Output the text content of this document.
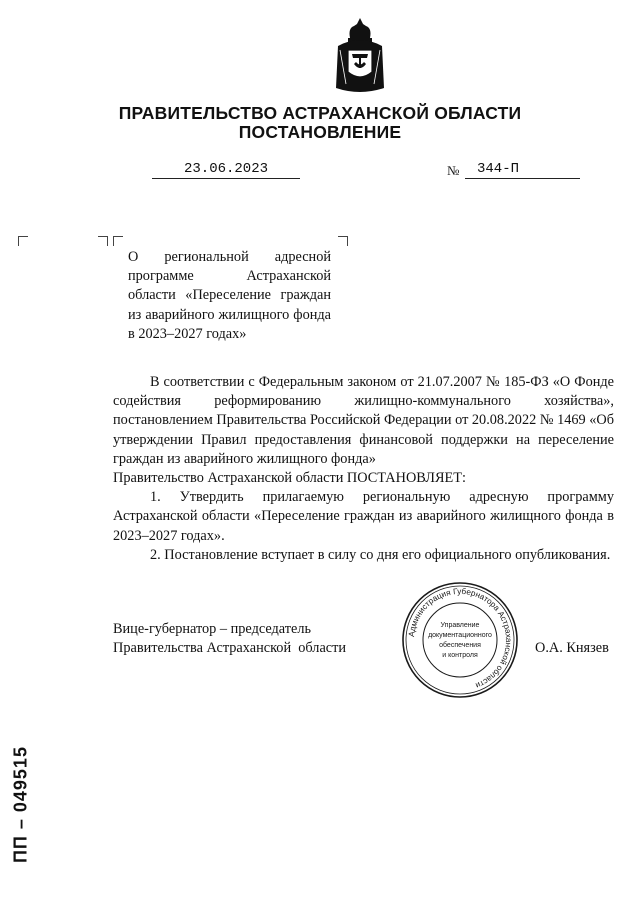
ПРАВИТЕЛЬСТВО АСТРАХАНСКОЙ ОБЛАСТИ
ПОСТАНОВЛЕНИЕ
23.06.2023	№	344-П
О региональной адресной программе Астраханской области «Переселение граждан из аварийного жилищного фонда в 2023–2027 годах»

В соответствии с Федеральным законом от 21.07.2007 № 185-ФЗ «О Фонде содействия реформированию жилищно-коммунального хозяйства», постановлением Правительства Российской Федерации от 20.08.2022 № 1469 «Об утверждении Правил предоставления финансовой поддержки на переселение граждан из аварийного жилищного фонда»

Правительство Астраханской области ПОСТАНОВЛЯЕТ:

1. Утвердить прилагаемую региональную адресную программу Астраханской области «Переселение граждан из аварийного жилищного фонда в 2023–2027 годах».

2. Постановление вступает в силу со дня его официального опубликования.

Вице-губернатор – председатель
Правительства Астраханской  области	О.А. Князев
Администрация Губернатора Астраханской области
Управление
документационного
обеспечения
и контроля
ПП – 049515
